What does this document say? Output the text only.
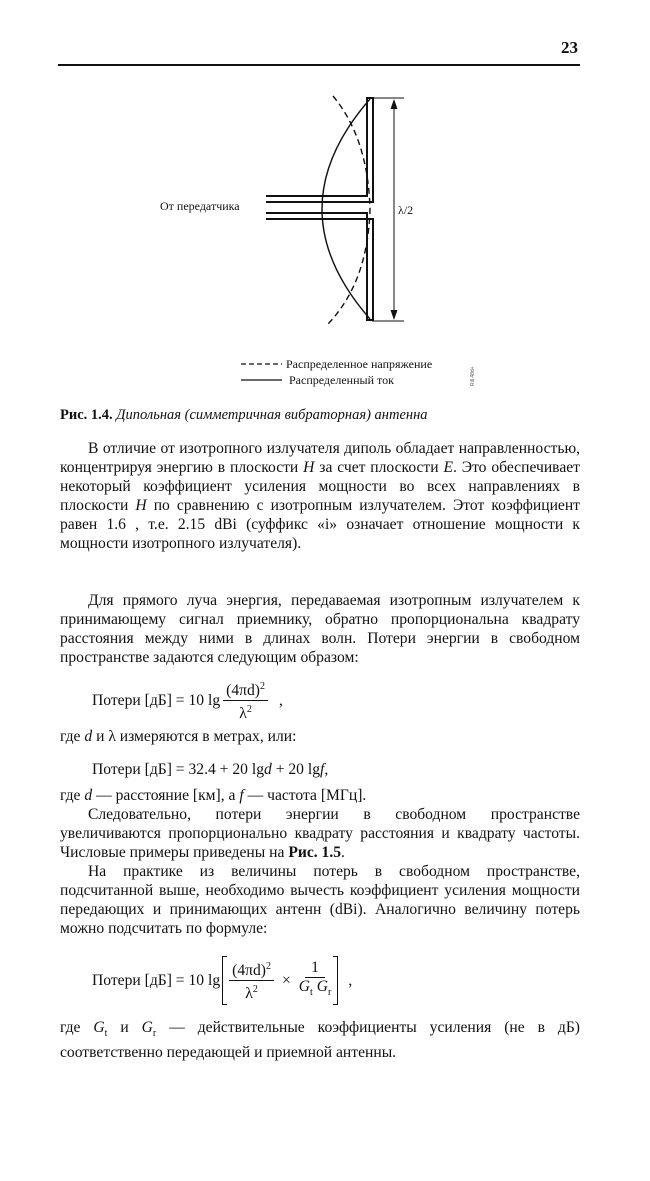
23
λ/2
От передатчика
Распределенное напряжение
Распределенный ток	Rill.48d+
Рис. 1.4. Дипольная (симметричная вибраторная) антенна
В отличие от изотропного излучателя диполь обладает направленностью, концентрируя энергию в плоскости H за счет плоскости E. Это обеспечивает некоторый коэффициент усиления мощности во всех направлениях в плоскости H по сравнению с изотропным излучателем. Этот коэффициент равен 1.6 , т.е. 2.15 dBi (суффикс «i» означает отношение мощности к мощности изотропного излучателя).
Для прямого луча энергия, передаваемая изотропным излучателем к принимающему сигнал приемнику, обратно пропорциональна квадрату расстояния между ними в длинах волн. Потери энергии в свободном пространстве задаются следующим образом:
Потери [дБ] = 10 lg
$(4\pi d)^2$
$\lambda^2$
,
где d и λ измеряются в метрах, или:
Потери [дБ] = 32.4 + 20 lgd + 20 lgf,
где d — расстояние [км], а f — частота [МГц].
Следовательно, потери энергии в свободном пространстве увеличиваются пропорционально квадрату расстояния и квадрату частоты. Числовые примеры приведены на Рис. 1.5.
На практике из величины потерь в свободном пространстве, подсчитанной выше, необходимо вычесть коэффициент усиления мощности передающих и принимающих антенн (dBi). Аналогично величину потерь можно подсчитать по формуле:
Потери [дБ] = 10 $\lg \frac{(4\pi d)^2}{\lambda^2} \times \frac{1}{G_t G_r}$ ,
где $G_t$ и $G_r$ — действительные коэффициенты усиления (не в дБ) соответственно передающей и приемной антенны.
